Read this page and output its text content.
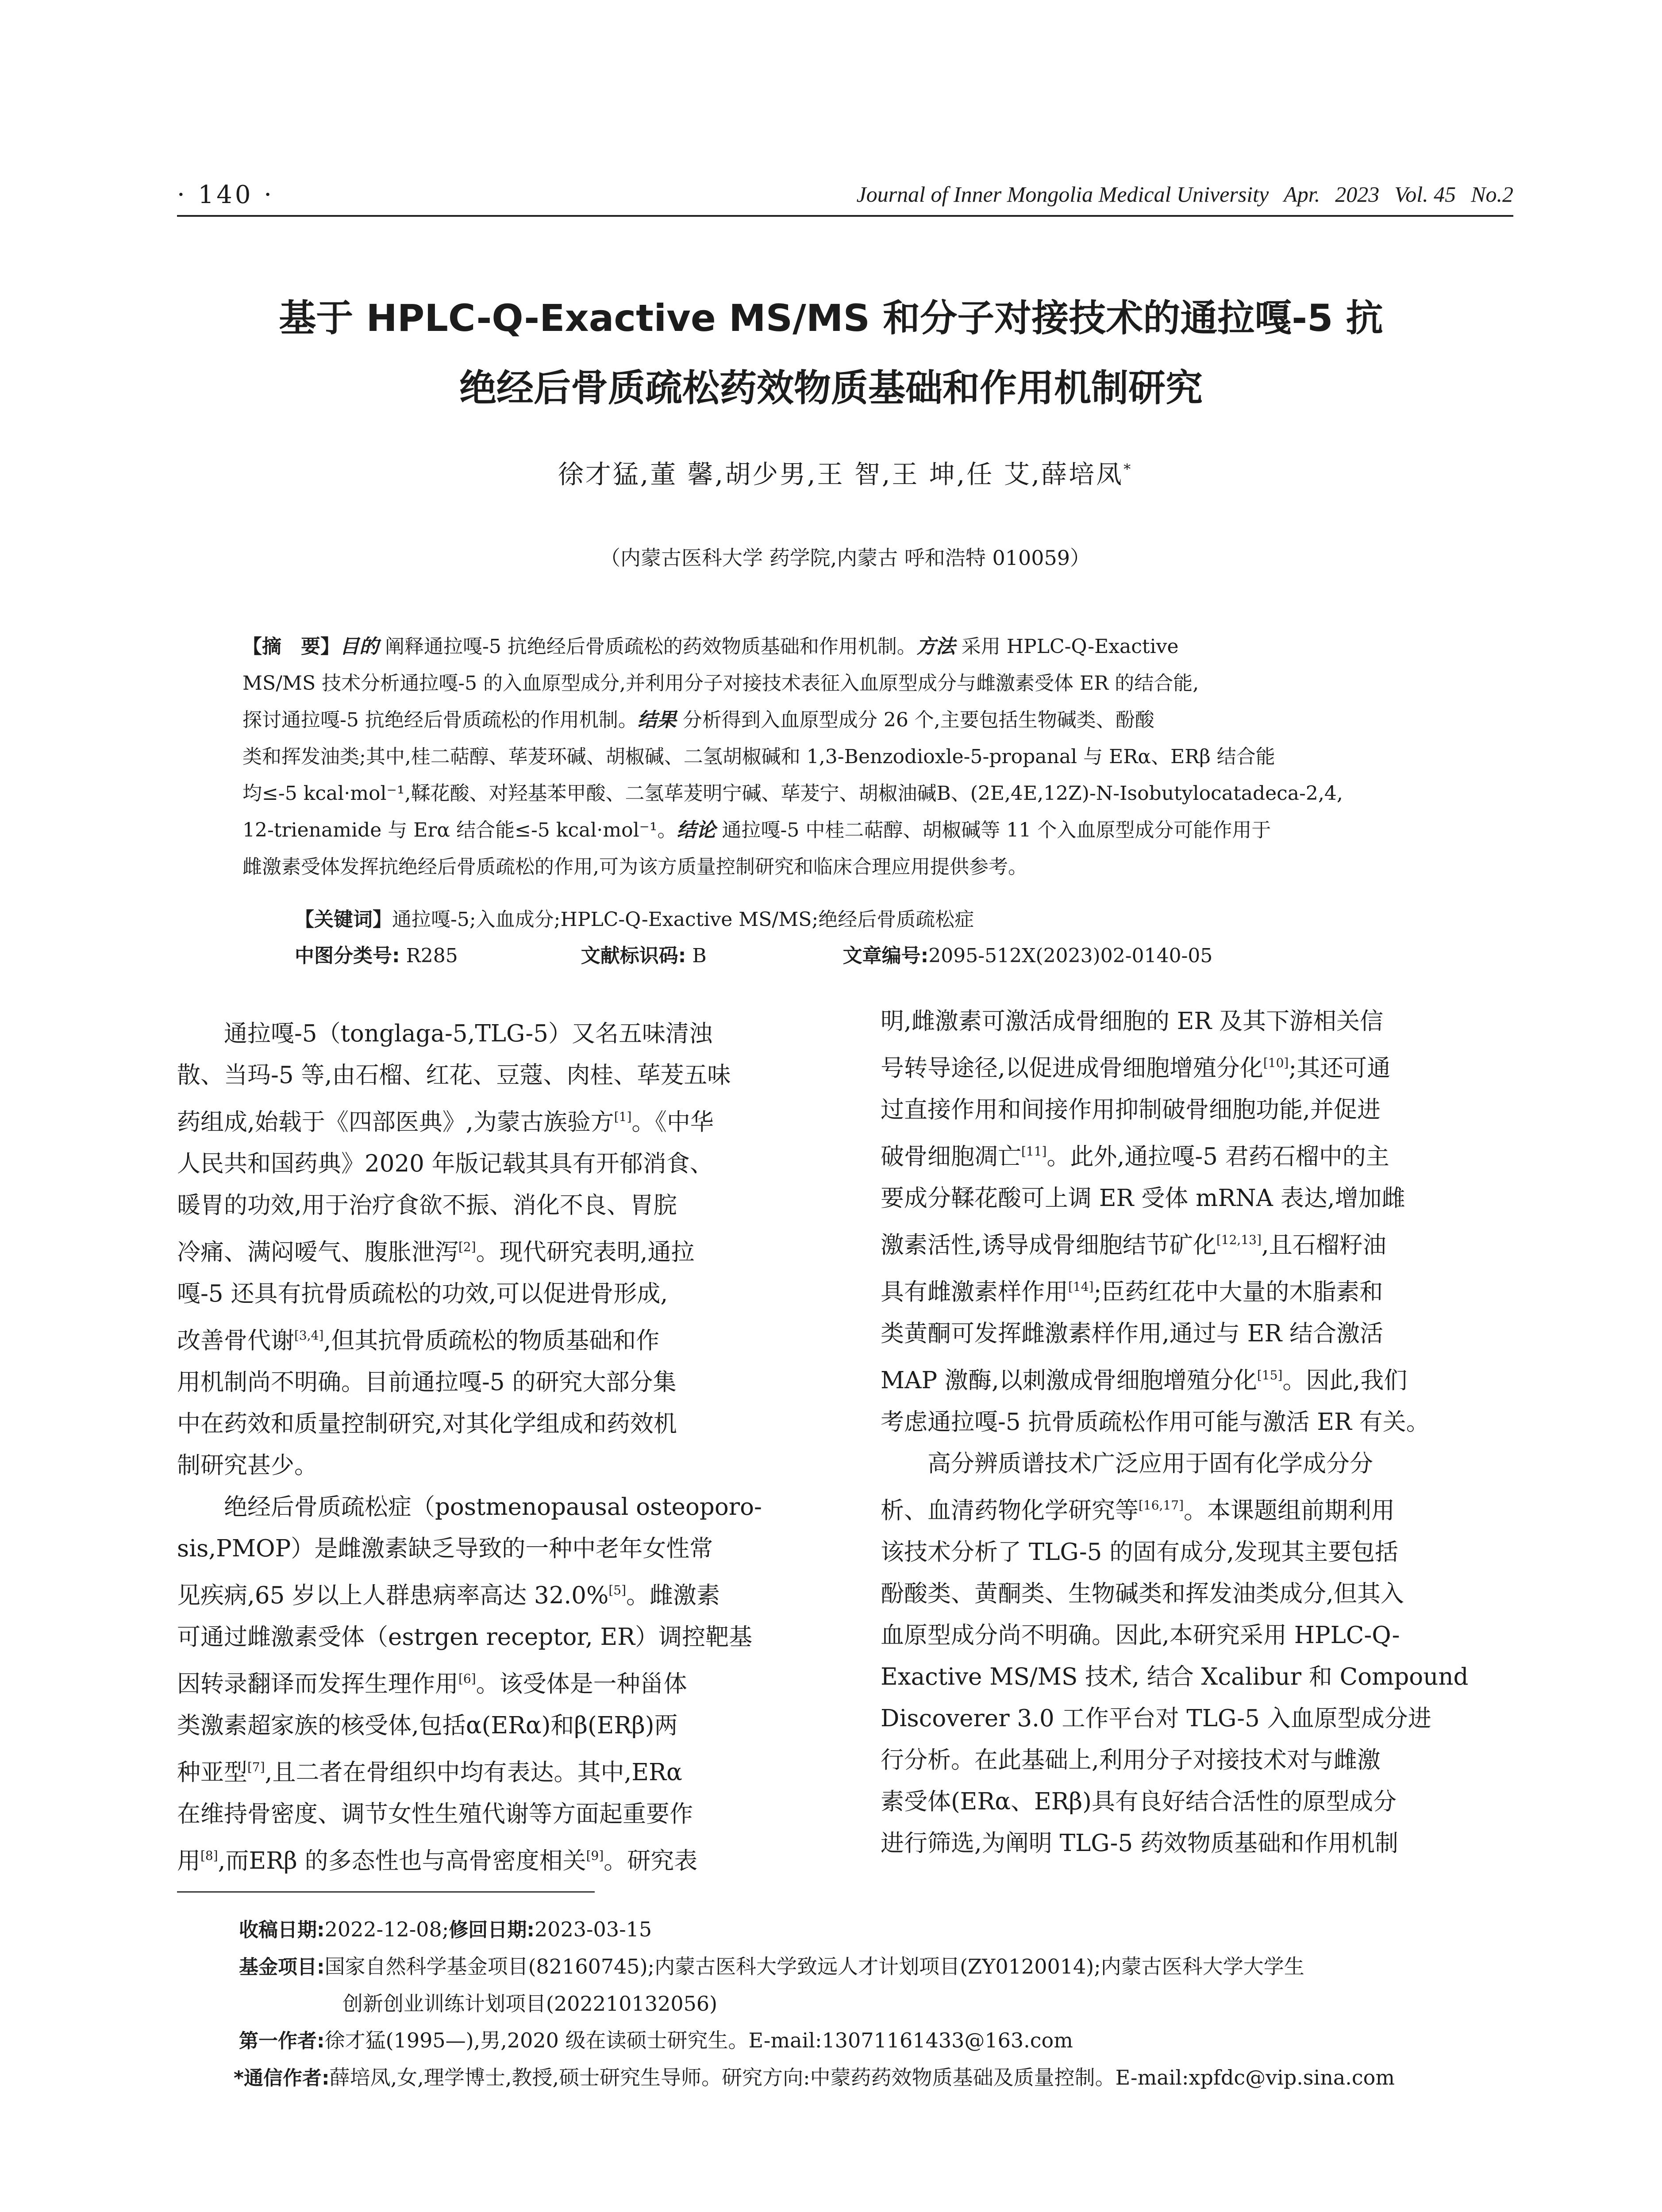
· 140 ·	Journal of Inner Mongolia Medical University Apr. 2023 Vol. 45 No.2
基于 HPLC-Q-Exactive MS/MS 和分子对接技术的通拉嘎-5 抗
绝经后骨质疏松药效物质基础和作用机制研究
徐才猛,董 馨,胡少男,王 智,王 坤,任 艾,薛培凤*
（内蒙古医科大学 药学院,内蒙古 呼和浩特 010059）
【摘　要】目的 阐释通拉嘎-5 抗绝经后骨质疏松的药效物质基础和作用机制。方法 采用 HPLC-Q-Exactive
MS/MS 技术分析通拉嘎-5 的入血原型成分,并利用分子对接技术表征入血原型成分与雌激素受体 ER 的结合能,
探讨通拉嘎-5 抗绝经后骨质疏松的作用机制。结果 分析得到入血原型成分 26 个,主要包括生物碱类、酚酸
类和挥发油类;其中,桂二萜醇、荜茇环碱、胡椒碱、二氢胡椒碱和 1,3-Benzodioxle-5-propanal 与 ERα、ERβ 结合能
均≤-5 kcal·mol⁻¹,鞣花酸、对羟基苯甲酸、二氢荜茇明宁碱、荜茇宁、胡椒油碱B、(2E,4E,12Z)-N-Isobutylocatadeca-2,4,
12-trienamide 与 Erα 结合能≤-5 kcal·mol⁻¹。结论 通拉嘎-5 中桂二萜醇、胡椒碱等 11 个入血原型成分可能作用于
雌激素受体发挥抗绝经后骨质疏松的作用,可为该方质量控制研究和临床合理应用提供参考。
【关键词】通拉嘎-5;入血成分;HPLC-Q-Exactive MS/MS;绝经后骨质疏松症
中图分类号: R285	文献标识码: B	文章编号:2095-512X(2023)02-0140-05
　　通拉嘎-5（tonglaga-5,TLG-5）又名五味清浊
散、当玛-5 等,由石榴、红花、豆蔻、肉桂、荜茇五味
药组成,始载于《四部医典》,为蒙古族验方[1]。《中华
人民共和国药典》2020 年版记载其具有开郁消食、
暖胃的功效,用于治疗食欲不振、消化不良、胃脘
冷痛、满闷嗳气、腹胀泄泻[2]。现代研究表明,通拉
嘎-5 还具有抗骨质疏松的功效,可以促进骨形成,
改善骨代谢[3,4],但其抗骨质疏松的物质基础和作
用机制尚不明确。目前通拉嘎-5 的研究大部分集
中在药效和质量控制研究,对其化学组成和药效机
制研究甚少。
　　绝经后骨质疏松症（postmenopausal osteoporo-
sis,PMOP）是雌激素缺乏导致的一种中老年女性常
见疾病,65 岁以上人群患病率高达 32.0%[5]。雌激素
可通过雌激素受体（estrgen receptor, ER）调控靶基
因转录翻译而发挥生理作用[6]。该受体是一种甾体
类激素超家族的核受体,包括α(ERα)和β(ERβ)两
种亚型[7],且二者在骨组织中均有表达。其中,ERα
在维持骨密度、调节女性生殖代谢等方面起重要作
用[8],而ERβ 的多态性也与高骨密度相关[9]。研究表
明,雌激素可激活成骨细胞的 ER 及其下游相关信
号转导途径,以促进成骨细胞增殖分化[10];其还可通
过直接作用和间接作用抑制破骨细胞功能,并促进
破骨细胞凋亡[11]。此外,通拉嘎-5 君药石榴中的主
要成分鞣花酸可上调 ER 受体 mRNA 表达,增加雌
激素活性,诱导成骨细胞结节矿化[12,13],且石榴籽油
具有雌激素样作用[14];臣药红花中大量的木脂素和
类黄酮可发挥雌激素样作用,通过与 ER 结合激活
MAP 激酶,以刺激成骨细胞增殖分化[15]。因此,我们
考虑通拉嘎-5 抗骨质疏松作用可能与激活 ER 有关。
　　高分辨质谱技术广泛应用于固有化学成分分
析、血清药物化学研究等[16,17]。本课题组前期利用
该技术分析了 TLG-5 的固有成分,发现其主要包括
酚酸类、黄酮类、生物碱类和挥发油类成分,但其入
血原型成分尚不明确。因此,本研究采用 HPLC-Q-
Exactive MS/MS 技术, 结合 Xcalibur 和 Compound
Discoverer 3.0 工作平台对 TLG-5 入血原型成分进
行分析。在此基础上,利用分子对接技术对与雌激
素受体(ERα、ERβ)具有良好结合活性的原型成分
进行筛选,为阐明 TLG-5 药效物质基础和作用机制
收稿日期:2022-12-08;修回日期:2023-03-15
基金项目:国家自然科学基金项目(82160745);内蒙古医科大学致远人才计划项目(ZY0120014);内蒙古医科大学大学生
创新创业训练计划项目(202210132056)
第一作者:徐才猛(1995—),男,2020 级在读硕士研究生。E-mail:13071161433@163.com
*通信作者:薛培凤,女,理学博士,教授,硕士研究生导师。研究方向:中蒙药药效物质基础及质量控制。E-mail:xpfdc@vip.sina.com
